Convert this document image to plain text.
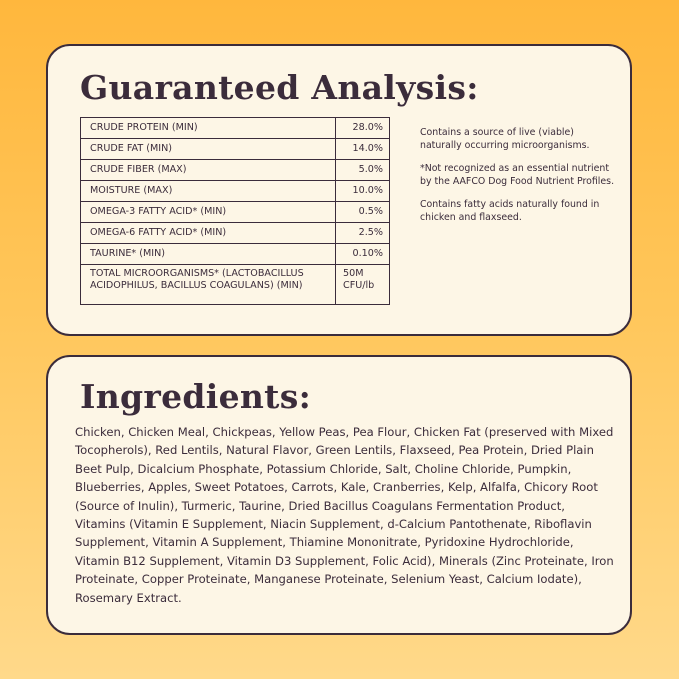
Guaranteed Analysis:
CRUDE PROTEIN (MIN)	28.0%
CRUDE FAT (MIN)	14.0%
CRUDE FIBER (MAX)	5.0%
MOISTURE (MAX)	10.0%
OMEGA-3 FATTY ACID* (MIN)	0.5%
OMEGA-6 FATTY ACID* (MIN)	2.5%
TAURINE* (MIN)	0.10%
TOTAL MICROORGANISMS* (LACTOBACILLUS ACIDOPHILUS, BACILLUS COAGULANS) (MIN)	50M CFU/lb

Contains a source of live (viable) naturally occurring microorganisms.

*Not recognized as an essential nutrient by the AAFCO Dog Food Nutrient Profiles.

Contains fatty acids naturally found in chicken and flaxseed.

Ingredients:

Chicken, Chicken Meal, Chickpeas, Yellow Peas, Pea Flour, Chicken Fat (preserved with Mixed Tocopherols), Red Lentils, Natural Flavor, Green Lentils, Flaxseed, Pea Protein, Dried Plain Beet Pulp, Dicalcium Phosphate, Potassium Chloride, Salt, Choline Chloride, Pumpkin, Blueberries, Apples, Sweet Potatoes, Carrots, Kale, Cranberries, Kelp, Alfalfa, Chicory Root (Source of Inulin), Turmeric, Taurine, Dried Bacillus Coagulans Fermentation Product, Vitamins (Vitamin E Supplement, Niacin Supplement, d-Calcium Pantothenate, Riboflavin Supplement, Vitamin A Supplement, Thiamine Mononitrate, Pyridoxine Hydrochloride, Vitamin B12 Supplement, Vitamin D3 Supplement, Folic Acid), Minerals (Zinc Proteinate, Iron Proteinate, Copper Proteinate, Manganese Proteinate, Selenium Yeast, Calcium Iodate), Rosemary Extract.
